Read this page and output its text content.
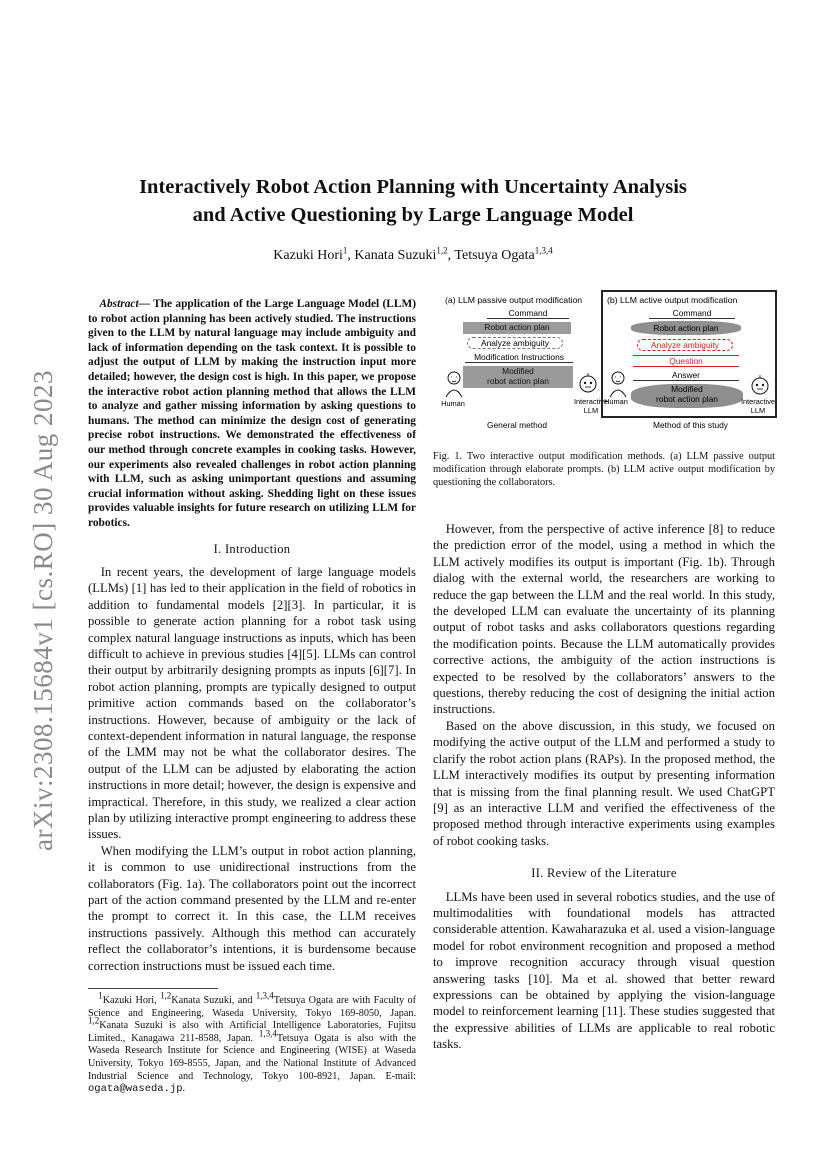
arXiv:2308.15684v1 [cs.RO] 30 Aug 2023
Interactively Robot Action Planning with Uncertainty Analysis
and Active Questioning by Large Language Model
Kazuki Hori$^1$, Kanata Suzuki$^{1,2}$, Tetsuya Ogata$^{1,3,4}$

Abstract— The application of the Large Language Model (LLM) to robot action planning has been actively studied. The instructions given to the LLM by natural language may include ambiguity and lack of information depending on the task context. It is possible to adjust the output of LLM by making the instruction input more detailed; however, the design cost is high. In this paper, we propose the interactive robot action planning method that allows the LLM to analyze and gather missing information by asking questions to humans. The method can minimize the design cost of generating precise robot instructions. We demonstrated the effectiveness of our method through concrete examples in cooking tasks. However, our experiments also revealed challenges in robot action planning with LLM, such as asking unimportant questions and assuming crucial information without asking. Shedding light on these issues provides valuable insights for future research on utilizing LLM for robotics.

I. Introduction

In recent years, the development of large language models (LLMs) [1] has led to their application in the field of robotics in addition to fundamental models [2][3]. In particular, it is possible to generate action planning for a robot task using complex natural language instructions as inputs, which has been difficult to achieve in previous studies [4][5]. LLMs can control their output by arbitrarily designing prompts as inputs [6][7]. In robot action planning, prompts are typically designed to output primitive action commands based on the collaborator’s instructions. However, because of ambiguity or the lack of context-dependent information in natural language, the response of the LMM may not be what the collaborator desires. The output of the LLM can be adjusted by elaborating the action instructions in more detail; however, the design is expensive and impractical. Therefore, in this study, we realized a clear action plan by utilizing interactive prompt engineering to address these issues.

When modifying the LLM’s output in robot action planning, it is common to use unidirectional instructions from the collaborators (Fig. 1a). The collaborators point out the incorrect part of the action command presented by the LLM and re-enter the prompt to correct it. In this case, the LLM receives instructions passively. Although this method can accurately reflect the collaborator’s intentions, it is burdensome because correction instructions must be issued each time.

$^1$Kazuki Hori, $^{1,2}$Kanata Suzuki, and $^{1,3,4}$Tetsuya Ogata are with Faculty of Science and Engineering, Waseda University, Tokyo 169-8050, Japan. $^{1,2}$Kanata Suzuki is also with Artificial Intelligence Laboratories, Fujitsu Limited., Kanagawa 211-8588, Japan. $^{1,3,4}$Tetsuya Ogata is also with the Waseda Research Institute for Science and Engineering (WISE) at Waseda University, Tokyo 169-8555, Japan, and the National Institute of Advanced Industrial Science and Technology, Tokyo 100-8921, Japan. E-mail: ogata@waseda.jp.

(a) LLM passive output modification
Command
Robot action plan
Analyze ambiguity
Modification Instructions
Modified
robot action plan
Human	Interactive
LLM
General method
(b) LLM active output modification
Command
Robot action plan
Analyze ambiguity
Question
Answer
Modified
robot action plan
Human	Interactive
LLM
Method of this study
Fig. 1. Two interactive output modification methods. (a) LLM passive output modification through elaborate prompts. (b) LLM active output modification by questioning the collaborators.

However, from the perspective of active inference [8] to reduce the prediction error of the model, using a method in which the LLM actively modifies its output is important (Fig. 1b). Through dialog with the external world, the researchers are working to reduce the gap between the LLM and the real world. In this study, the developed LLM can evaluate the uncertainty of its planning output of robot tasks and asks collaborators questions regarding the modification points. Because the LLM automatically provides corrective actions, the ambiguity of the action instructions is expected to be resolved by the collaborators’ answers to the questions, thereby reducing the cost of designing the initial action instructions.

Based on the above discussion, in this study, we focused on modifying the active output of the LLM and performed a study to clarify the robot action plans (RAPs). In the proposed method, the LLM interactively modifies its output by presenting information that is missing from the final planning result. We used ChatGPT [9] as an interactive LLM and verified the effectiveness of the proposed method through interactive experiments using examples of robot cooking tasks.

II. Review of the Literature

LLMs have been used in several robotics studies, and the use of multimodalities with foundational models has attracted considerable attention. Kawaharazuka et al. used a vision-language model for robot environment recognition and proposed a method to improve recognition accuracy through visual question answering tasks [10]. Ma et al. showed that better reward expressions can be obtained by applying the vision-language model to reinforcement learning [11]. These studies suggested that the expressive abilities of LLMs are applicable to real robotic tasks.
